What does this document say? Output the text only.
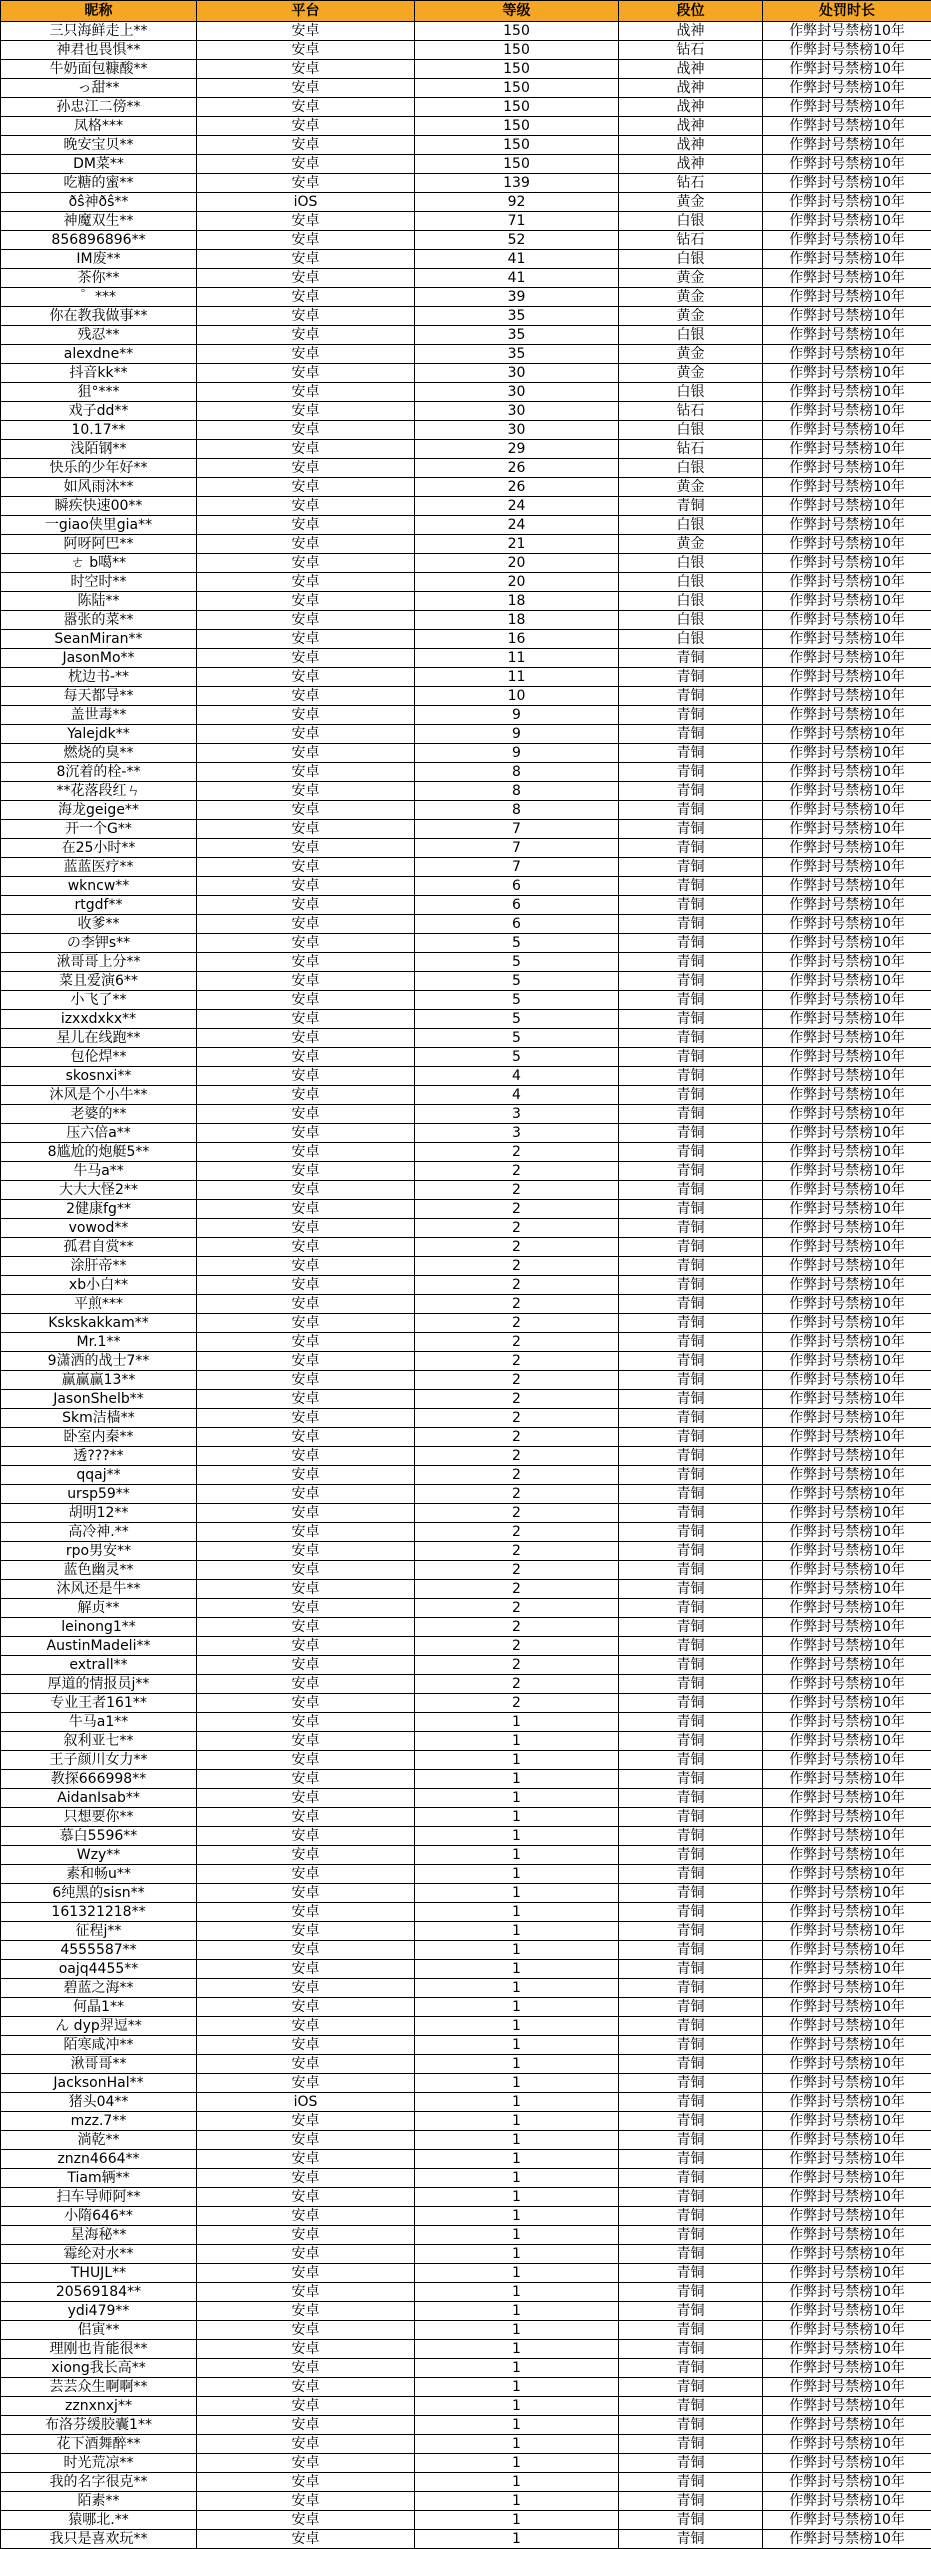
昵称	平台	等级	段位	处罚时长
三只海鲜走上**	安卓	150	战神	作弊封号禁榜10年
神君也畏惧**	安卓	150	钻石	作弊封号禁榜10年
牛奶面包糠酸**	安卓	150	战神	作弊封号禁榜10年
っ甜**	安卓	150	战神	作弊封号禁榜10年
孙忠江二傍**	安卓	150	战神	作弊封号禁榜10年
凤格***	安卓	150	战神	作弊封号禁榜10年
晚安宝贝**	安卓	150	战神	作弊封号禁榜10年
DM菜**	安卓	150	战神	作弊封号禁榜10年
吃糖的蜜**	安卓	139	钻石	作弊封号禁榜10年
ðŝ神ðŝ**	iOS	92	黄金	作弊封号禁榜10年
神魔双生**	安卓	71	白银	作弊封号禁榜10年
856896896**	安卓	52	钻石	作弊封号禁榜10年
IM废**	安卓	41	白银	作弊封号禁榜10年
茶你**	安卓	41	黄金	作弊封号禁榜10年
゜***	安卓	39	黄金	作弊封号禁榜10年
你在教我做事**	安卓	35	黄金	作弊封号禁榜10年
残忍**	安卓	35	白银	作弊封号禁榜10年
alexdne**	安卓	35	黄金	作弊封号禁榜10年
抖音kk**	安卓	30	黄金	作弊封号禁榜10年
狙°***	安卓	30	白银	作弊封号禁榜10年
戏子dd**	安卓	30	钻石	作弊封号禁榜10年
10.17**	安卓	30	白银	作弊封号禁榜10年
浅陌钢**	安卓	29	钻石	作弊封号禁榜10年
快乐的少年好**	安卓	26	白银	作弊封号禁榜10年
如风雨沐**	安卓	26	黄金	作弊封号禁榜10年
瞬疾快速00**	安卓	24	青铜	作弊封号禁榜10年
一giao侠里gia**	安卓	24	白银	作弊封号禁榜10年
阿呀阿巴**	安卓	21	黄金	作弊封号禁榜10年
ㄜ b噶**	安卓	20	白银	作弊封号禁榜10年
时空时**	安卓	20	白银	作弊封号禁榜10年
陈陆**	安卓	18	白银	作弊封号禁榜10年
嚣张的菜**	安卓	18	白银	作弊封号禁榜10年
SeanMiran**	安卓	16	白银	作弊封号禁榜10年
JasonMo**	安卓	11	青铜	作弊封号禁榜10年
枕边书-**	安卓	11	青铜	作弊封号禁榜10年
每天都导**	安卓	10	青铜	作弊封号禁榜10年
盖世毒**	安卓	9	青铜	作弊封号禁榜10年
Yalejdk**	安卓	9	青铜	作弊封号禁榜10年
燃烧的臭**	安卓	9	青铜	作弊封号禁榜10年
8沉着的栓-**	安卓	8	青铜	作弊封号禁榜10年
**花落段红ㄣ	安卓	8	青铜	作弊封号禁榜10年
海龙geige**	安卓	8	青铜	作弊封号禁榜10年
开一个G**	安卓	7	青铜	作弊封号禁榜10年
在25小时**	安卓	7	青铜	作弊封号禁榜10年
蓝蓝医疗**	安卓	7	青铜	作弊封号禁榜10年
wkncw**	安卓	6	青铜	作弊封号禁榜10年
rtgdf**	安卓	6	青铜	作弊封号禁榜10年
收爹**	安卓	6	青铜	作弊封号禁榜10年
の李钾s**	安卓	5	青铜	作弊封号禁榜10年
湫哥哥上分**	安卓	5	青铜	作弊封号禁榜10年
菜且爱演6**	安卓	5	青铜	作弊封号禁榜10年
小飞了**	安卓	5	青铜	作弊封号禁榜10年
izxxdxkx**	安卓	5	青铜	作弊封号禁榜10年
星儿在线跑**	安卓	5	青铜	作弊封号禁榜10年
包伦焊**	安卓	5	青铜	作弊封号禁榜10年
skosnxi**	安卓	4	青铜	作弊封号禁榜10年
沐风是个小牛**	安卓	4	青铜	作弊封号禁榜10年
老婆的**	安卓	3	青铜	作弊封号禁榜10年
压六倍a**	安卓	3	青铜	作弊封号禁榜10年
8尴尬的炮艇5**	安卓	2	青铜	作弊封号禁榜10年
牛马a**	安卓	2	青铜	作弊封号禁榜10年
大大大怪2**	安卓	2	青铜	作弊封号禁榜10年
2健康fg**	安卓	2	青铜	作弊封号禁榜10年
vowod**	安卓	2	青铜	作弊封号禁榜10年
孤君自赏**	安卓	2	青铜	作弊封号禁榜10年
涂肝帝**	安卓	2	青铜	作弊封号禁榜10年
xb小白**	安卓	2	青铜	作弊封号禁榜10年
平煎***	安卓	2	青铜	作弊封号禁榜10年
Kskskakkam**	安卓	2	青铜	作弊封号禁榜10年
Mr.1**	安卓	2	青铜	作弊封号禁榜10年
9潇洒的战士7**	安卓	2	青铜	作弊封号禁榜10年
赢赢赢13**	安卓	2	青铜	作弊封号禁榜10年
JasonShelb**	安卓	2	青铜	作弊封号禁榜10年
Skm洁樯**	安卓	2	青铜	作弊封号禁榜10年
卧室内秦**	安卓	2	青铜	作弊封号禁榜10年
透???**	安卓	2	青铜	作弊封号禁榜10年
qqaj**	安卓	2	青铜	作弊封号禁榜10年
ursp59**	安卓	2	青铜	作弊封号禁榜10年
胡明12**	安卓	2	青铜	作弊封号禁榜10年
高冷神.**	安卓	2	青铜	作弊封号禁榜10年
rpo男安**	安卓	2	青铜	作弊封号禁榜10年
蓝色幽灵**	安卓	2	青铜	作弊封号禁榜10年
沐风还是牛**	安卓	2	青铜	作弊封号禁榜10年
解贞**	安卓	2	青铜	作弊封号禁榜10年
leinong1**	安卓	2	青铜	作弊封号禁榜10年
AustinMadeli**	安卓	2	青铜	作弊封号禁榜10年
extrall**	安卓	2	青铜	作弊封号禁榜10年
厚道的情报员j**	安卓	2	青铜	作弊封号禁榜10年
专业王者161**	安卓	2	青铜	作弊封号禁榜10年
牛马a1**	安卓	1	青铜	作弊封号禁榜10年
叙利亚七**	安卓	1	青铜	作弊封号禁榜10年
王子颜川女力**	安卓	1	青铜	作弊封号禁榜10年
教探666998**	安卓	1	青铜	作弊封号禁榜10年
AidanIsab**	安卓	1	青铜	作弊封号禁榜10年
只想要你**	安卓	1	青铜	作弊封号禁榜10年
慕白5596**	安卓	1	青铜	作弊封号禁榜10年
Wzy**	安卓	1	青铜	作弊封号禁榜10年
素和畅u**	安卓	1	青铜	作弊封号禁榜10年
6纯黑的sisn**	安卓	1	青铜	作弊封号禁榜10年
161321218**	安卓	1	青铜	作弊封号禁榜10年
征程j**	安卓	1	青铜	作弊封号禁榜10年
4555587**	安卓	1	青铜	作弊封号禁榜10年
oajq4455**	安卓	1	青铜	作弊封号禁榜10年
碧蓝之海**	安卓	1	青铜	作弊封号禁榜10年
何晶1**	安卓	1	青铜	作弊封号禁榜10年
ん dyp羿逗**	安卓	1	青铜	作弊封号禁榜10年
陌寒咸冲**	安卓	1	青铜	作弊封号禁榜10年
湫哥哥**	安卓	1	青铜	作弊封号禁榜10年
JacksonHal**	安卓	1	青铜	作弊封号禁榜10年
猪头04**	iOS	1	青铜	作弊封号禁榜10年
mzz.7**	安卓	1	青铜	作弊封号禁榜10年
淌乾**	安卓	1	青铜	作弊封号禁榜10年
znzn4664**	安卓	1	青铜	作弊封号禁榜10年
Tiam辆**	安卓	1	青铜	作弊封号禁榜10年
扫车导师阿**	安卓	1	青铜	作弊封号禁榜10年
小隋646**	安卓	1	青铜	作弊封号禁榜10年
星海秘**	安卓	1	青铜	作弊封号禁榜10年
霉纶对水**	安卓	1	青铜	作弊封号禁榜10年
THUJL**	安卓	1	青铜	作弊封号禁榜10年
20569184**	安卓	1	青铜	作弊封号禁榜10年
ydi479**	安卓	1	青铜	作弊封号禁榜10年
侣寅**	安卓	1	青铜	作弊封号禁榜10年
理刚也肯能很**	安卓	1	青铜	作弊封号禁榜10年
xiong我长高**	安卓	1	青铜	作弊封号禁榜10年
芸芸众生啊啊**	安卓	1	青铜	作弊封号禁榜10年
zznxnxj**	安卓	1	青铜	作弊封号禁榜10年
布洛芬缓胶囊1**	安卓	1	青铜	作弊封号禁榜10年
花下酒舞醉**	安卓	1	青铜	作弊封号禁榜10年
时光荒凉**	安卓	1	青铜	作弊封号禁榜10年
我的名字很克**	安卓	1	青铜	作弊封号禁榜10年
陌素**	安卓	1	青铜	作弊封号禁榜10年
猿哪北.**	安卓	1	青铜	作弊封号禁榜10年
我只是喜欢玩**	安卓	1	青铜	作弊封号禁榜10年
